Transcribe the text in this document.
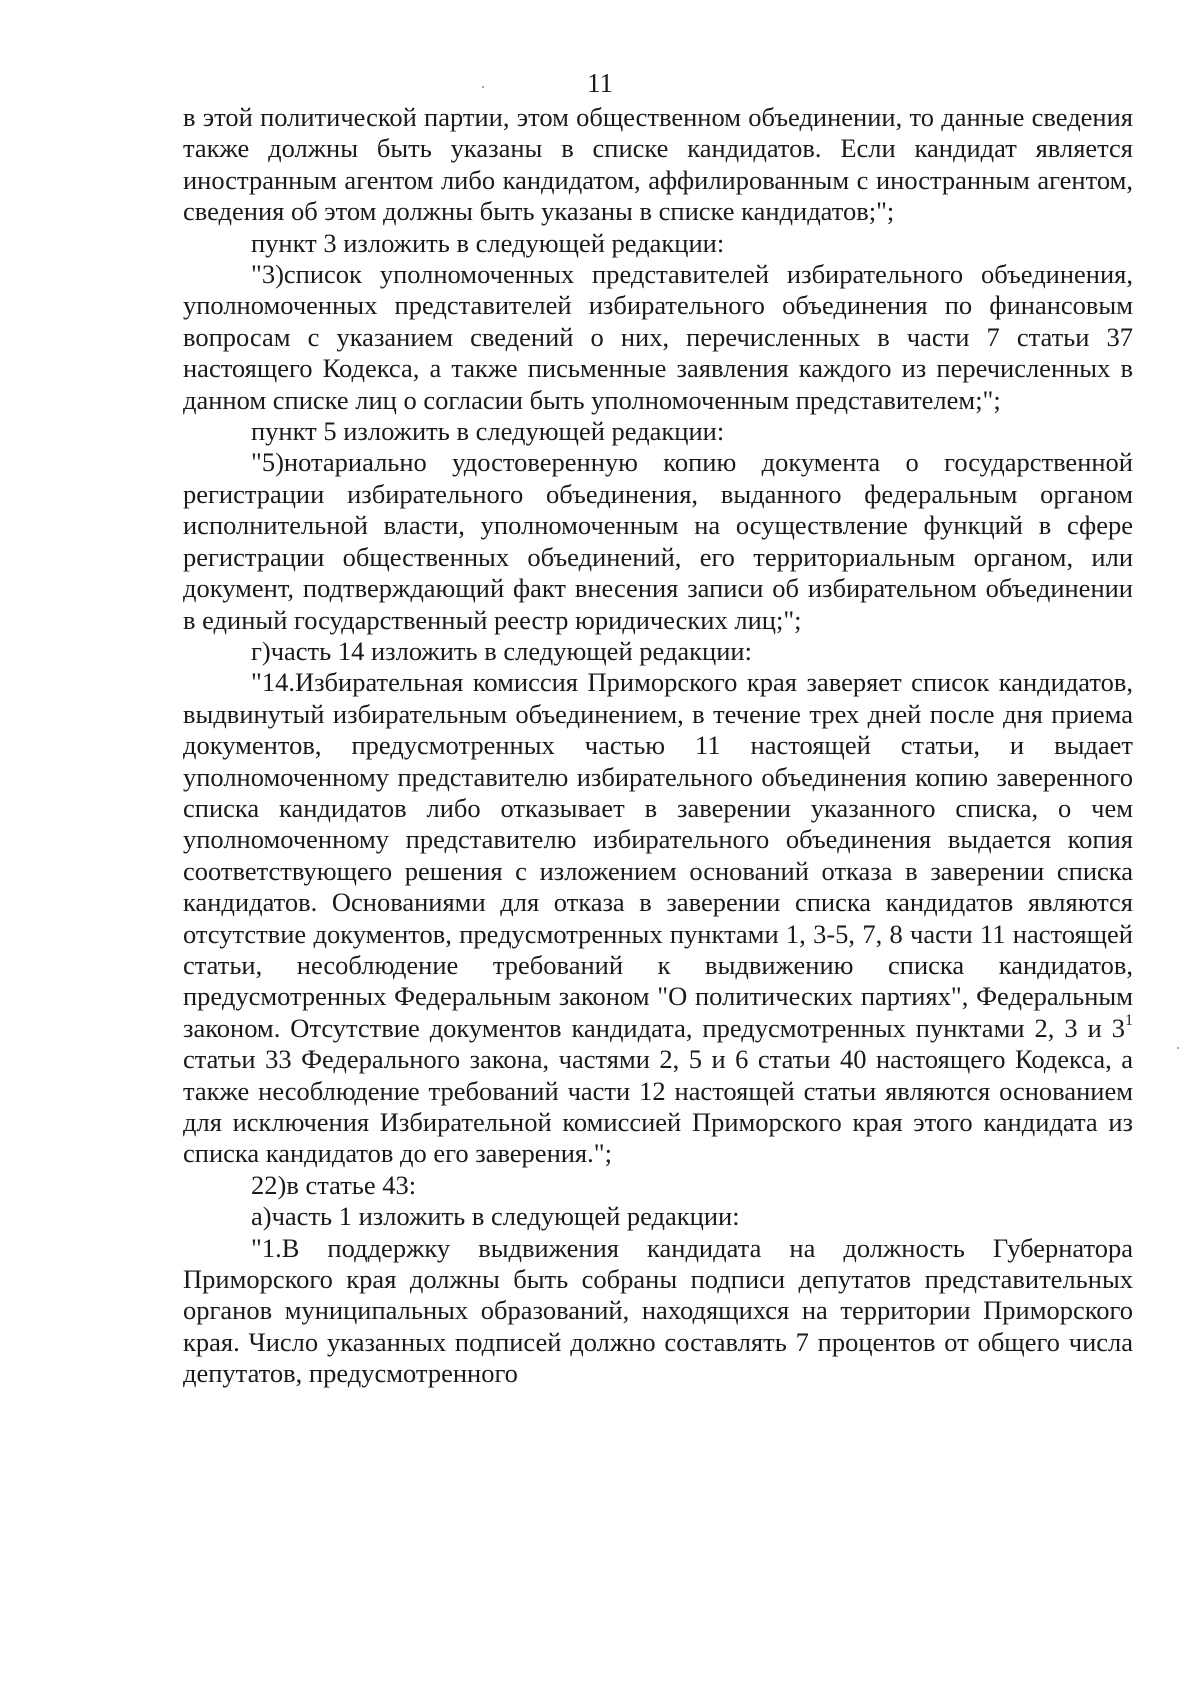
11

в этой политической партии, этом общественном объединении, то данные сведения также должны быть указаны в списке кандидатов. Если кандидат является иностранным агентом либо кандидатом, аффилированным с иностранным агентом, сведения об этом должны быть указаны в списке кандидатов;";

пункт 3 изложить в следующей редакции:

"3)список уполномоченных представителей избирательного объединения, уполномоченных представителей избирательного объединения по финансовым вопросам с указанием сведений о них, перечисленных в части 7 статьи 37 настоящего Кодекса, а также письменные заявления каждого из перечисленных в данном списке лиц о согласии быть уполномоченным представителем;";

пункт 5 изложить в следующей редакции:

"5)нотариально удостоверенную копию документа о государственной регистрации избирательного объединения, выданного федеральным органом исполнительной власти, уполномоченным на осуществление функций в сфере регистрации общественных объединений, его территориальным органом, или документ, подтверждающий факт внесения записи об избирательном объединении в единый государственный реестр юридических лиц;";

г)часть 14 изложить в следующей редакции:

"14.Избирательная комиссия Приморского края заверяет список кандидатов, выдвинутый избирательным объединением, в течение трех дней после дня приема документов, предусмотренных частью 11 настоящей статьи, и выдает уполномоченному представителю избирательного объединения копию заверенного списка кандидатов либо отказывает в заверении указанного списка, о чем уполномоченному представителю избирательного объединения выдается копия соответствующего решения с изложением оснований отказа в заверении списка кандидатов. Основаниями для отказа в заверении списка кандидатов являются отсутствие документов, предусмотренных пунктами 1, 3-5, 7, 8 части 11 настоящей статьи, несоблюдение требований к выдвижению списка кандидатов, предусмотренных Федеральным законом "О политических партиях", Федеральным законом. Отсутствие документов кандидата, предусмотренных пунктами 2, 3 и $3^1$ статьи 33 Федерального закона, частями 2, 5 и 6 статьи 40 настоящего Кодекса, а также несоблюдение требований части 12 настоящей статьи являются основанием для исключения Избирательной комиссией Приморского края этого кандидата из списка кандидатов до его заверения.";

22)в статье 43:

а)часть 1 изложить в следующей редакции:

"1.В поддержку выдвижения кандидата на должность Губернатора Приморского края должны быть собраны подписи депутатов представительных органов муниципальных образований, находящихся на территории Приморского края. Число указанных подписей должно составлять 7 процентов от общего числа депутатов, предусмотренного
